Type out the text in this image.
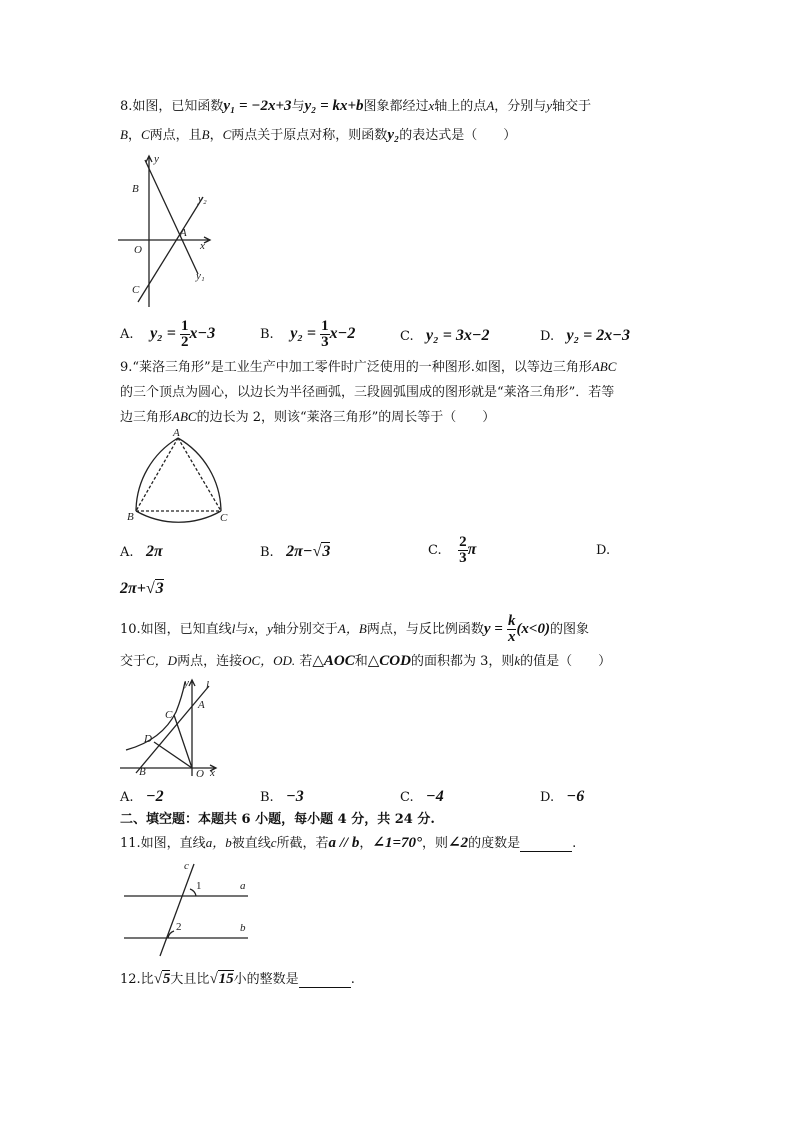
8.如图，已知函数y₁ = −2x+3与y₂ = kx+b图象都经过x轴上的点A，分别与y轴交于
B，C两点，且B，C两点关于原点对称，则函数y₂的表达式是（　　）
y
x
B
O
A
C
y₂
y₁
A. $y_2 = \frac{1}{2} x-3$	B. $y_2 = \frac{1}{3} x-2$	C. y₂ = 3x−2	D. y₂ = 2x−3
9.“莱洛三角形”是工业生产中加工零件时广泛使用的一种图形.如图，以等边三角形ABC
的三个顶点为圆心，以边长为半径画弧，三段圆弧围成的图形就是“莱洛三角形”．若等
边三角形ABC的边长为 2，则该“莱洛三角形”的周长等于（　　）
A
B	C
A. 2π	B. 2π−√3	C. $\frac{2}{3}$ π	D.
2π+√3
10.如图，已知直线l与x，y轴分别交于A，B两点，与反比例函数$y = \frac{k}{x} (x<0)$的图象
交于C，D两点，连接OC，OD. 若△AOC和△COD的面积都为 3，则k的值是（　　）
y l
A
C
D
B	O x
A. −2	B. −3	C. −4	D. −6
二、填空题：本题共 6 小题，每小题 4 分，共 24 分.
11.如图，直线a，b被直线c所截，若a // b，∠1=70°，则∠2的度数是	.
c
1	a
2	b
12.比√5大且比√15小的整数是	.
